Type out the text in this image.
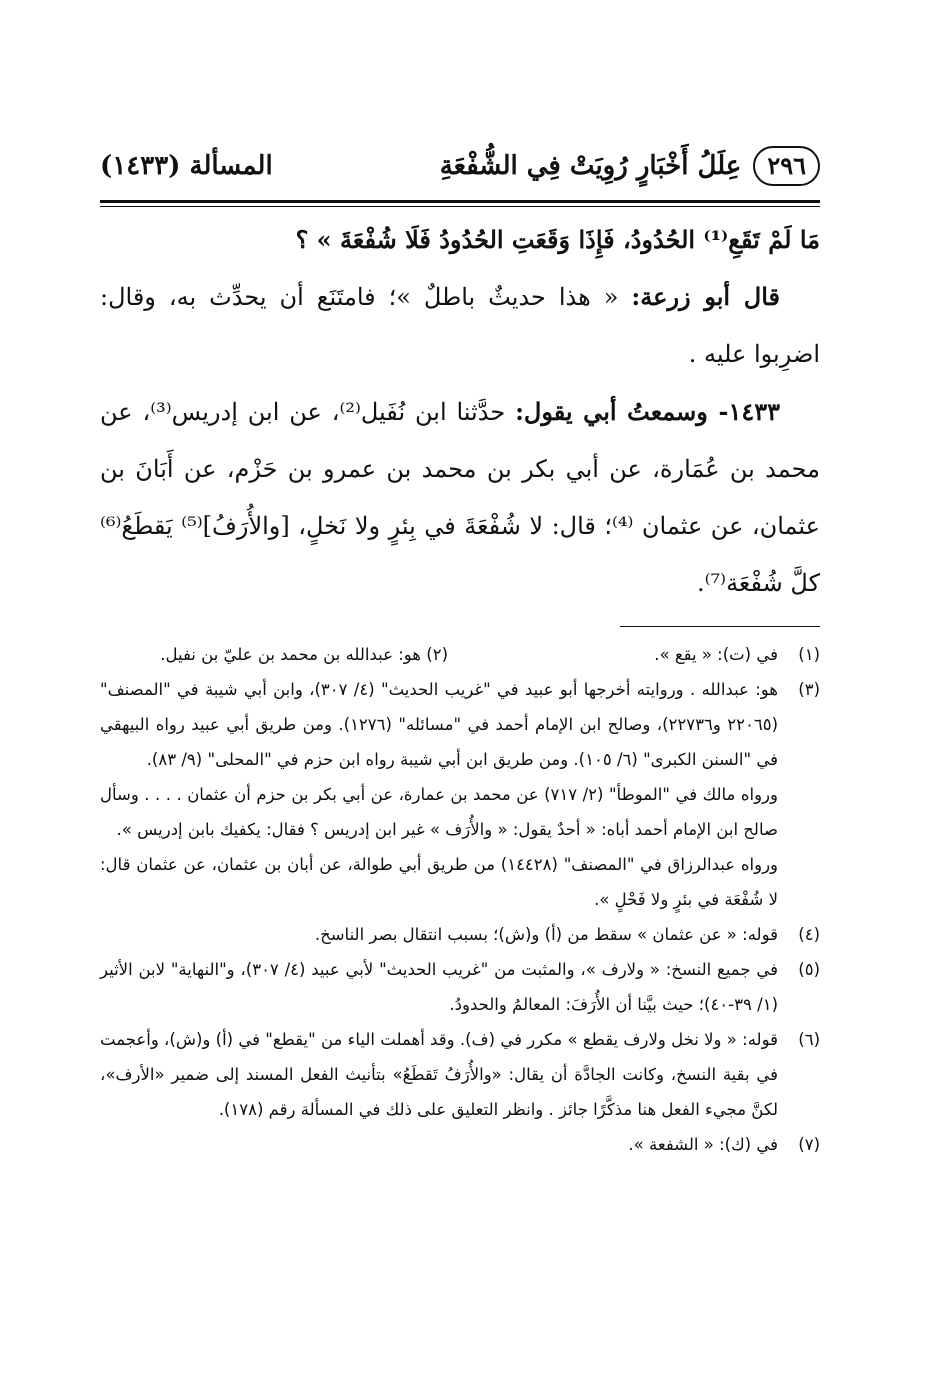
المسألة (١٤٣٣)	٢٩٦
عِلَلُ أَخْبَارٍ رُوِيَتْ فِي الشُّفْعَةِ

مَا لَمْ تَقَعِ⁽¹⁾ الحُدُودُ، فَإِذَا وَقَعَتِ الحُدُودُ فَلَا شُفْعَةَ » ؟

قال أبو زرعة: « هذا حديثٌ باطلٌ »؛ فامتَنَع أن يحدِّث به، وقال: اضرِبوا عليه .

١٤٣٣- وسمعتُ أبي يقول: حدَّثنا ابن نُفَيل⁽²⁾، عن ابن إدريس⁽³⁾، عن محمد بن عُمَارة، عن أبي بكر بن محمد بن عمرو بن حَزْم، عن أَبَانَ بن عثمان، عن عثمان ⁽⁴⁾؛ قال: لا شُفْعَةَ في بِئرٍ ولا نَخلٍ، [والأُرَفُ]⁽⁵⁾ يَقطَعُ⁽⁶⁾ كلَّ شُفْعَة⁽⁷⁾.

(١)
في (ت): « يقع ».
(٢) هو: عبدالله بن محمد بن عليّ بن نفيل.
(٣)

هو: عبدالله . وروايته أخرجها أبو عبيد في "غريب الحديث" (٤/ ٣٠٧)، وابن أبي شيبة في "المصنف" (٢٢٠٦٥ و٢٢٧٣٦)، وصالح ابن الإمام أحمد في "مسائله" (١٢٧٦). ومن طريق أبي عبيد رواه البيهقي في "السنن الكبرى" (٦/ ١٠٥). ومن طريق ابن أبي شيبة رواه ابن حزم في "المحلى" (٩/ ٨٣).

ورواه مالك في "الموطأ" (٢/ ٧١٧) عن محمد بن عمارة، عن أبي بكر بن حزم أن عثمان . . . . وسأل صالح ابن الإمام أحمد أباه: « أحدٌ يقول: « والأُرَف » غير ابن إدريس ؟ فقال: يكفيك بابن إدريس ».

ورواه عبدالرزاق في "المصنف" (١٤٤٢٨) من طريق أبي طوالة، عن أبان بن عثمان، عن عثمان قال: لا شُفْعَة في بئرٍ ولا فَحْلٍ ».

(٤)
قوله: « عن عثمان » سقط من (أ) و(ش)؛ بسبب انتقال بصر الناسخ.
(٥)
في جميع النسخ: « ولارف »، والمثبت من "غريب الحديث" لأبي عبيد (٤/ ٣٠٧)، و"النهاية" لابن الأثير (١/ ٣٩-٤٠)؛ حيث بيَّنا أن الأُرَفَ: المعالمُ والحدودُ.
(٦)
قوله: « ولا نخل ولارف يقطع » مكرر في (ف). وقد أهملت الياء من "يقطع" في (أ) و(ش)، وأعجمت في بقية النسخ، وكانت الجادَّة أن يقال: «والأُرَفُ تَقطَعُ» بتأنيث الفعل المسند إلى ضمير «الأرف»، لكنَّ مجيء الفعل هنا مذكَّرًا جائز . وانظر التعليق على ذلك في المسألة رقم (١٧٨).
(٧)
في (ك): « الشفعة ».
